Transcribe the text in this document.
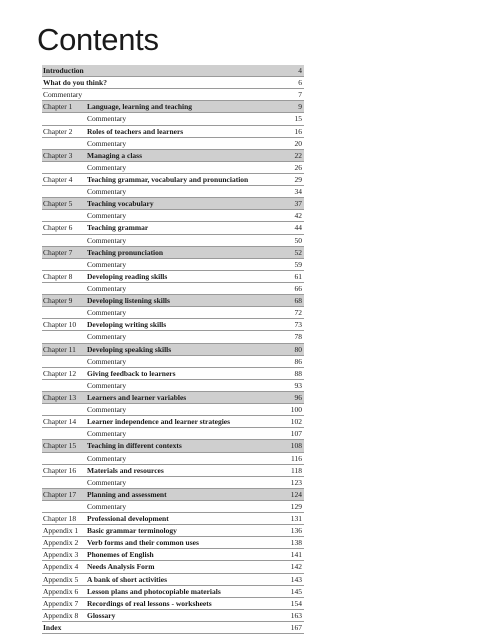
Contents
Introduction	4
What do you think?	6
Commentary	7
Chapter 1 Language, learning and teaching	9
Commentary	15
Chapter 2 Roles of teachers and learners	16
Commentary	20
Chapter 3 Managing a class	22
Commentary	26
Chapter 4 Teaching grammar, vocabulary and pronunciation	29
Commentary	34
Chapter 5 Teaching vocabulary	37
Commentary	42
Chapter 6 Teaching grammar	44
Commentary	50
Chapter 7 Teaching pronunciation	52
Commentary	59
Chapter 8 Developing reading skills	61
Commentary	66
Chapter 9 Developing listening skills	68
Commentary	72
Chapter 10 Developing writing skills	73
Commentary	78
Chapter 11 Developing speaking skills	80
Commentary	86
Chapter 12 Giving feedback to learners	88
Commentary	93
Chapter 13 Learners and learner variables	96
Commentary	100
Chapter 14 Learner independence and learner strategies	102
Commentary	107
Chapter 15 Teaching in different contexts	108
Commentary	116
Chapter 16 Materials and resources	118
Commentary	123
Chapter 17 Planning and assessment	124
Commentary	129
Chapter 18 Professional development	131
Appendix 1 Basic grammar terminology	136
Appendix 2 Verb forms and their common uses	138
Appendix 3 Phonemes of English	141
Appendix 4 Needs Analysis Form	142
Appendix 5 A bank of short activities	143
Appendix 6 Lesson plans and photocopiable materials	145
Appendix 7 Recordings of real lessons - worksheets	154
Appendix 8 Glossary	163
Index	167
